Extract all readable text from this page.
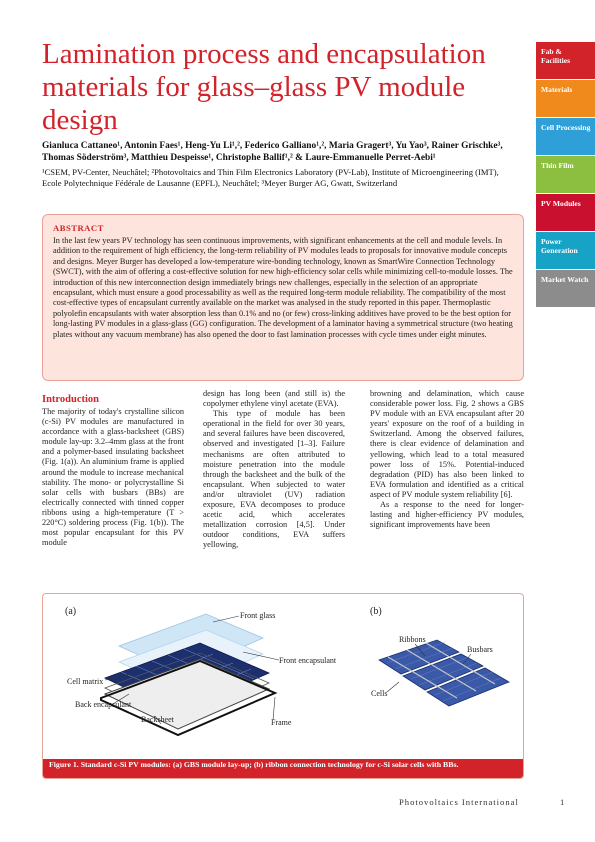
Lamination process and encapsulation materials for glass–glass PV module design
Gianluca Cattaneo¹, Antonin Faes¹, Heng-Yu Li¹,², Federico Galliano¹,², Maria Gragert³, Yu Yao³, Rainer Grischke³, Thomas Söderström³, Matthieu Despeisse¹, Christophe Ballif¹,² & Laure-Emmanuelle Perret-Aebi¹
¹CSEM, PV-Center, Neuchâtel; ²Photovoltaics and Thin Film Electronics Laboratory (PV-Lab), Institute of Microengineering (IMT), Ecole Polytechnique Fédérale de Lausanne (EPFL), Neuchâtel; ³Meyer Burger AG, Gwatt, Switzerland
Fab & Facilities
Materials
Cell Processing
Thin Film
PV Modules
Power Generation
Market Watch
ABSTRACT
In the last few years PV technology has seen continuous improvements, with significant enhancements at the cell and module levels. In addition to the requirement of high efficiency, the long-term reliability of PV modules leads to proposals for innovative module concepts and designs. Meyer Burger has developed a low-temperature wire-bonding technology, known as SmartWire Connection Technology (SWCT), with the aim of offering a cost-effective solution for new high-efficiency solar cells while minimizing cell-to-module losses. The introduction of this new interconnection design immediately brings new challenges, especially in the selection of an appropriate encapsulant, which must ensure a good processability as well as the required long-term module reliability. The compatibility of the most cost-effective types of encapsulant currently available on the market was analysed in the study reported in this paper. Thermoplastic polyolefin encapsulants with water absorption less than 0.1% and no (or few) cross-linking additives have proved to be the best option for long-lasting PV modules in a glass-glass (GG) configuration. The development of a laminator having a symmetrical structure (two heating plates without any vacuum membrane) has also opened the door to fast lamination processes with cycle times under eight minutes.
Introduction

The majority of today's crystalline silicon (c-Si) PV modules are manufactured in accordance with a glass-backsheet (GBS) module lay-up: 3.2–4mm glass at the front and a polymer-based insulating backsheet (Fig. 1(a)). An aluminium frame is applied around the module to increase mechanical stability. The mono- or polycrystalline Si solar cells with busbars (BBs) are electrically connected with tinned copper ribbons using a high-temperature (T > 220°C) soldering process (Fig. 1(b)). The most popular encapsulant for this PV module

design has long been (and still is) the copolymer ethylene vinyl acetate (EVA).

This type of module has been operational in the field for over 30 years, and several failures have been discovered, observed and investigated [1–3]. Failure mechanisms are often attributed to moisture penetration into the module through the backsheet and the bulk of the encapsulant. When subjected to water and/or ultraviolet (UV) radiation exposure, EVA decomposes to produce acetic acid, which accelerates metallization corrosion [4,5]. Under outdoor conditions, EVA suffers yellowing,

browning and delamination, which cause considerable power loss. Fig. 2 shows a GBS PV module with an EVA encapsulant after 20 years' exposure on the roof of a building in Switzerland. Among the observed failures, there is clear evidence of delamination and yellowing, which lead to a total measured power loss of 15%. Potential-induced degradation (PID) has also been linked to EVA formulation and identified as a critical aspect of PV module system reliability [6].

As a response to the need for longer-lasting and higher-efficiency PV modules, significant improvements have been

(a)	(b)
Front glass
Front encapsulant
Cell matrix
Back encapsulant
Backsheet	Frame
Ribbons
Busbars
Cells
Figure 1. Standard c-Si PV modules: (a) GBS module lay-up; (b) ribbon connection technology for c-Si solar cells with BBs.
Photovoltaics International	1
